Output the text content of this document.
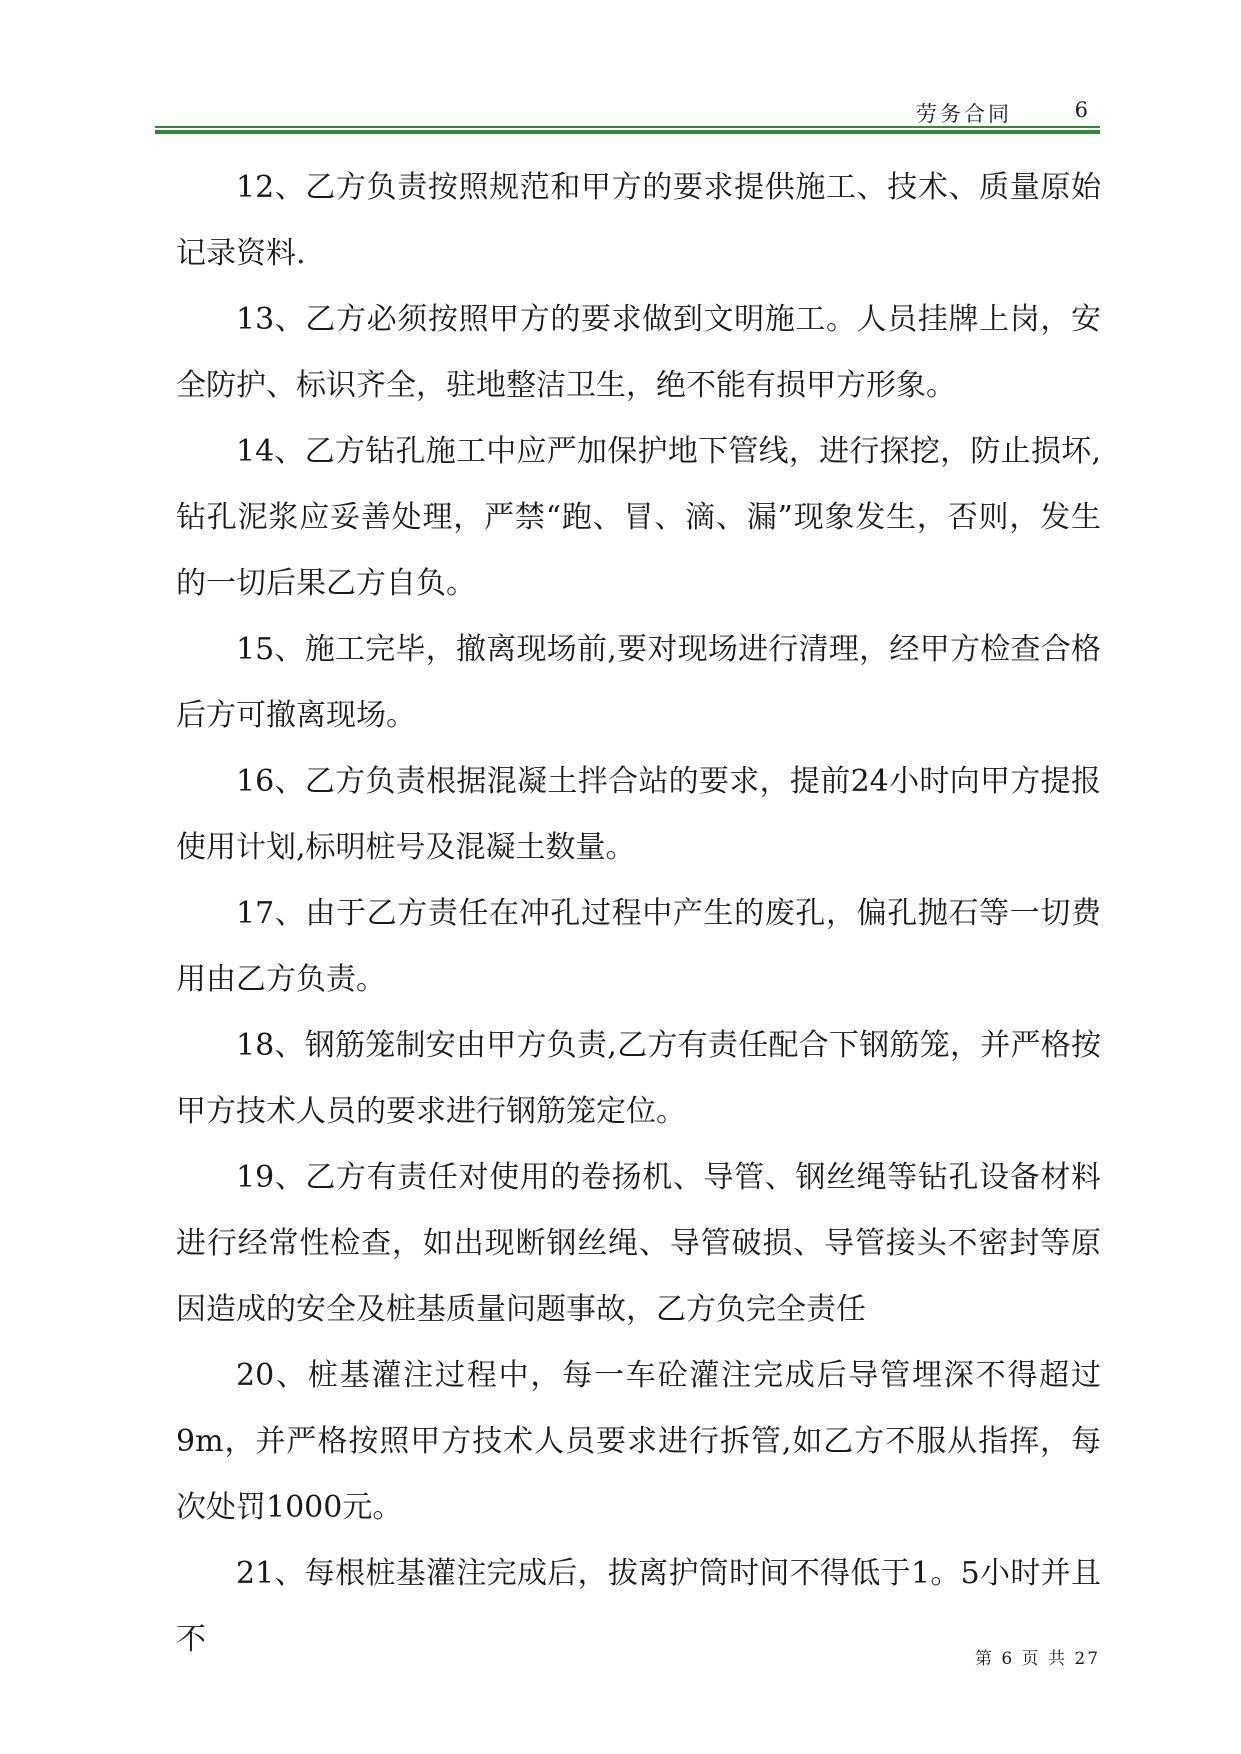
劳务合同	6

12、乙方负责按照规范和甲方的要求提供施工、技术、质量原始记录资料.

13、乙方必须按照甲方的要求做到文明施工。人员挂牌上岗，安全防护、标识齐全，驻地整洁卫生，绝不能有损甲方形象。

14、乙方钻孔施工中应严加保护地下管线，进行探挖，防止损坏,钻孔泥浆应妥善处理，严禁“跑、冒、滴、漏”现象发生，否则，发生的一切后果乙方自负。

15、施工完毕，撤离现场前,要对现场进行清理，经甲方检查合格后方可撤离现场。

16、乙方负责根据混凝土拌合站的要求，提前24小时向甲方提报使用计划,标明桩号及混凝土数量。

17、由于乙方责任在冲孔过程中产生的废孔，偏孔抛石等一切费用由乙方负责。

18、钢筋笼制安由甲方负责,乙方有责任配合下钢筋笼，并严格按甲方技术人员的要求进行钢筋笼定位。

19、乙方有责任对使用的卷扬机、导管、钢丝绳等钻孔设备材料进行经常性检查，如出现断钢丝绳、导管破损、导管接头不密封等原因造成的安全及桩基质量问题事故，乙方负完全责任

20、桩基灌注过程中，每一车砼灌注完成后导管埋深不得超过9m，并严格按照甲方技术人员要求进行拆管,如乙方不服从指挥，每次处罚1000元。

21、每根桩基灌注完成后，拔离护筒时间不得低于1。5小时并且不

第 6 页 共 27
